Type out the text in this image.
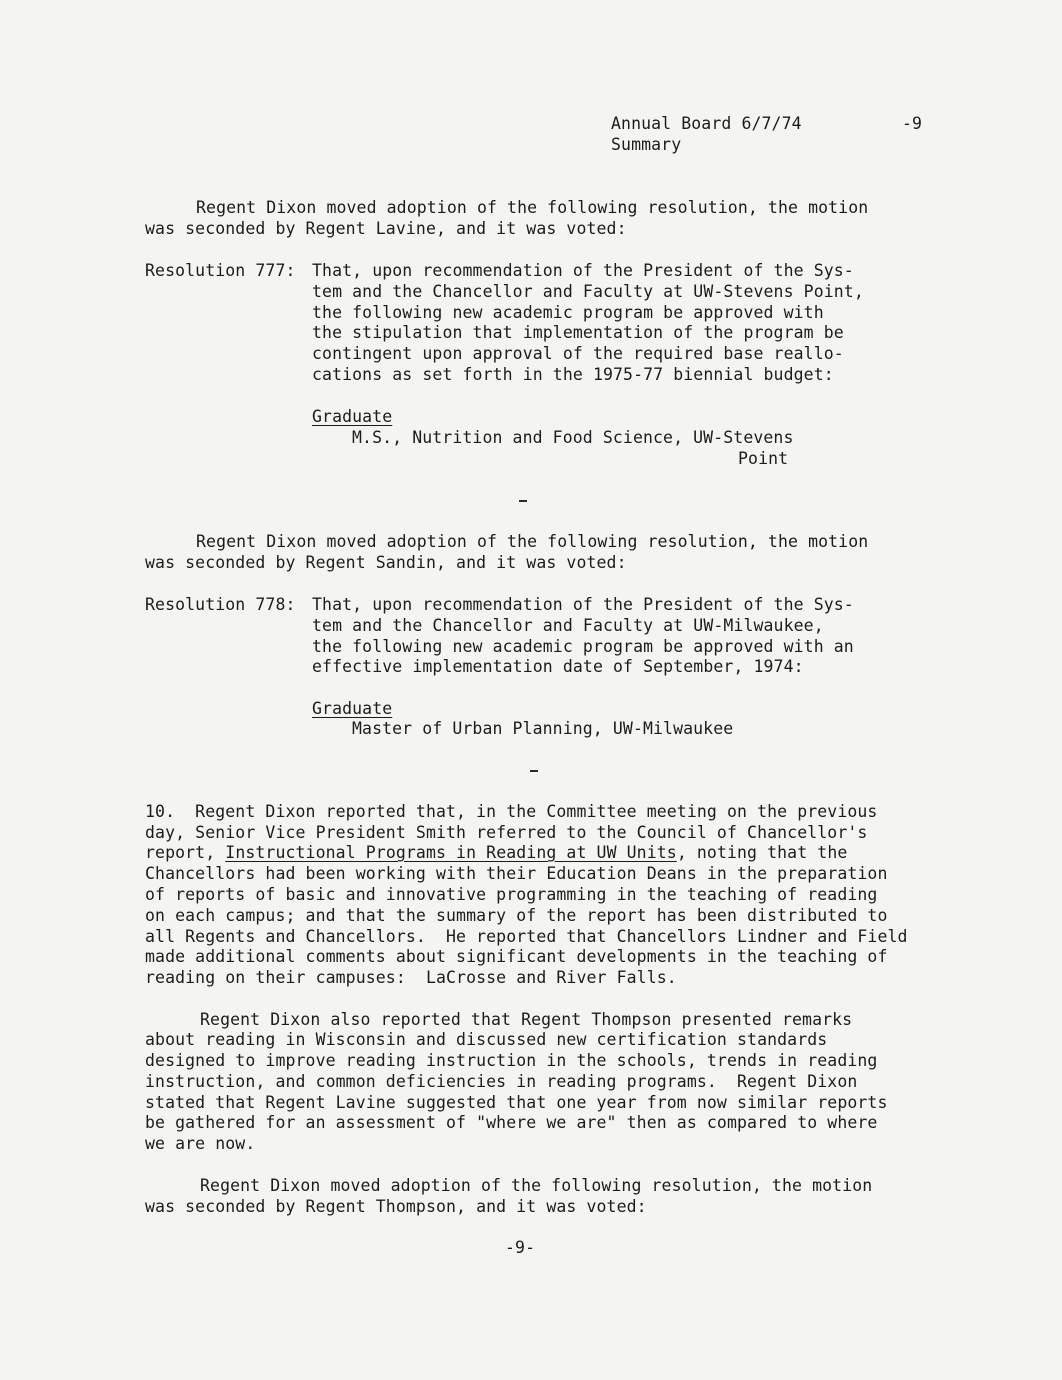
Annual Board 6/7/74
Summary
-9
Regent Dixon moved adoption of the following resolution, the motion
was seconded by Regent Lavine, and it was voted:
Resolution 777: That, upon recommendation of the President of the Sys-
tem and the Chancellor and Faculty at UW-Stevens Point,
the following new academic program be approved with
the stipulation that implementation of the program be
contingent upon approval of the required base reallo-
cations as set forth in the 1975-77 biennial budget:
Graduate
M.S., Nutrition and Food Science, UW-Stevens
Point
Regent Dixon moved adoption of the following resolution, the motion
was seconded by Regent Sandin, and it was voted:
Resolution 778: That, upon recommendation of the President of the Sys-
tem and the Chancellor and Faculty at UW-Milwaukee,
the following new academic program be approved with an
effective implementation date of September, 1974:
Graduate
Master of Urban Planning, UW-Milwaukee
10.  Regent Dixon reported that, in the Committee meeting on the previous
day, Senior Vice President Smith referred to the Council of Chancellor's
report, Instructional Programs in Reading at UW Units, noting that the
Chancellors had been working with their Education Deans in the preparation
of reports of basic and innovative programming in the teaching of reading
on each campus; and that the summary of the report has been distributed to
all Regents and Chancellors.  He reported that Chancellors Lindner and Field
made additional comments about significant developments in the teaching of
reading on their campuses:  LaCrosse and River Falls.
Regent Dixon also reported that Regent Thompson presented remarks
about reading in Wisconsin and discussed new certification standards
designed to improve reading instruction in the schools, trends in reading
instruction, and common deficiencies in reading programs.  Regent Dixon
stated that Regent Lavine suggested that one year from now similar reports
be gathered for an assessment of "where we are" then as compared to where
we are now.
Regent Dixon moved adoption of the following resolution, the motion
was seconded by Regent Thompson, and it was voted:
-9-
